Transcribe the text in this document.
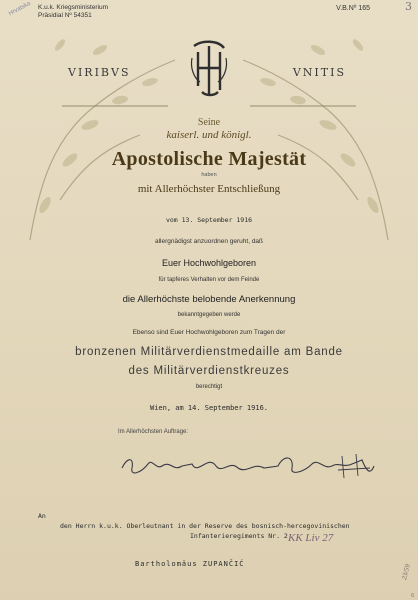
Hrvatska K.u.k. Kriegsministerium
Präsidial Nº 54351
V.B.Nº 165	3
VIRIBVS	VNITIS
Seine
kaiserl. und königl.
Apostolische Majestät
haben
mit Allerhöchster Entschließung
vom 13. September 1916
allergnädigst anzuordnen geruht, daß
Euer Hochwohlgeboren
für tapferes Verhalten vor dem Feinde
die Allerhöchste belobende Anerkennung
bekanntgegeben werde
Ebenso sind Euer Hochwohlgeboren zum Tragen der
bronzenen Militärverdienstmedaille am Bande
des Militärverdienstkreuzes
berechtigt
Wien, am 14. September 1916.
Im Allerhöchsten Auftrage:
An
den Herrn k.u.k. Oberleutnant in der Reserve des bosnisch-hercegovinischen
Infanterieregiments Nr. 2 KK Liv 27
Bartholomäus ZUPANČIĆ	23/59
6
